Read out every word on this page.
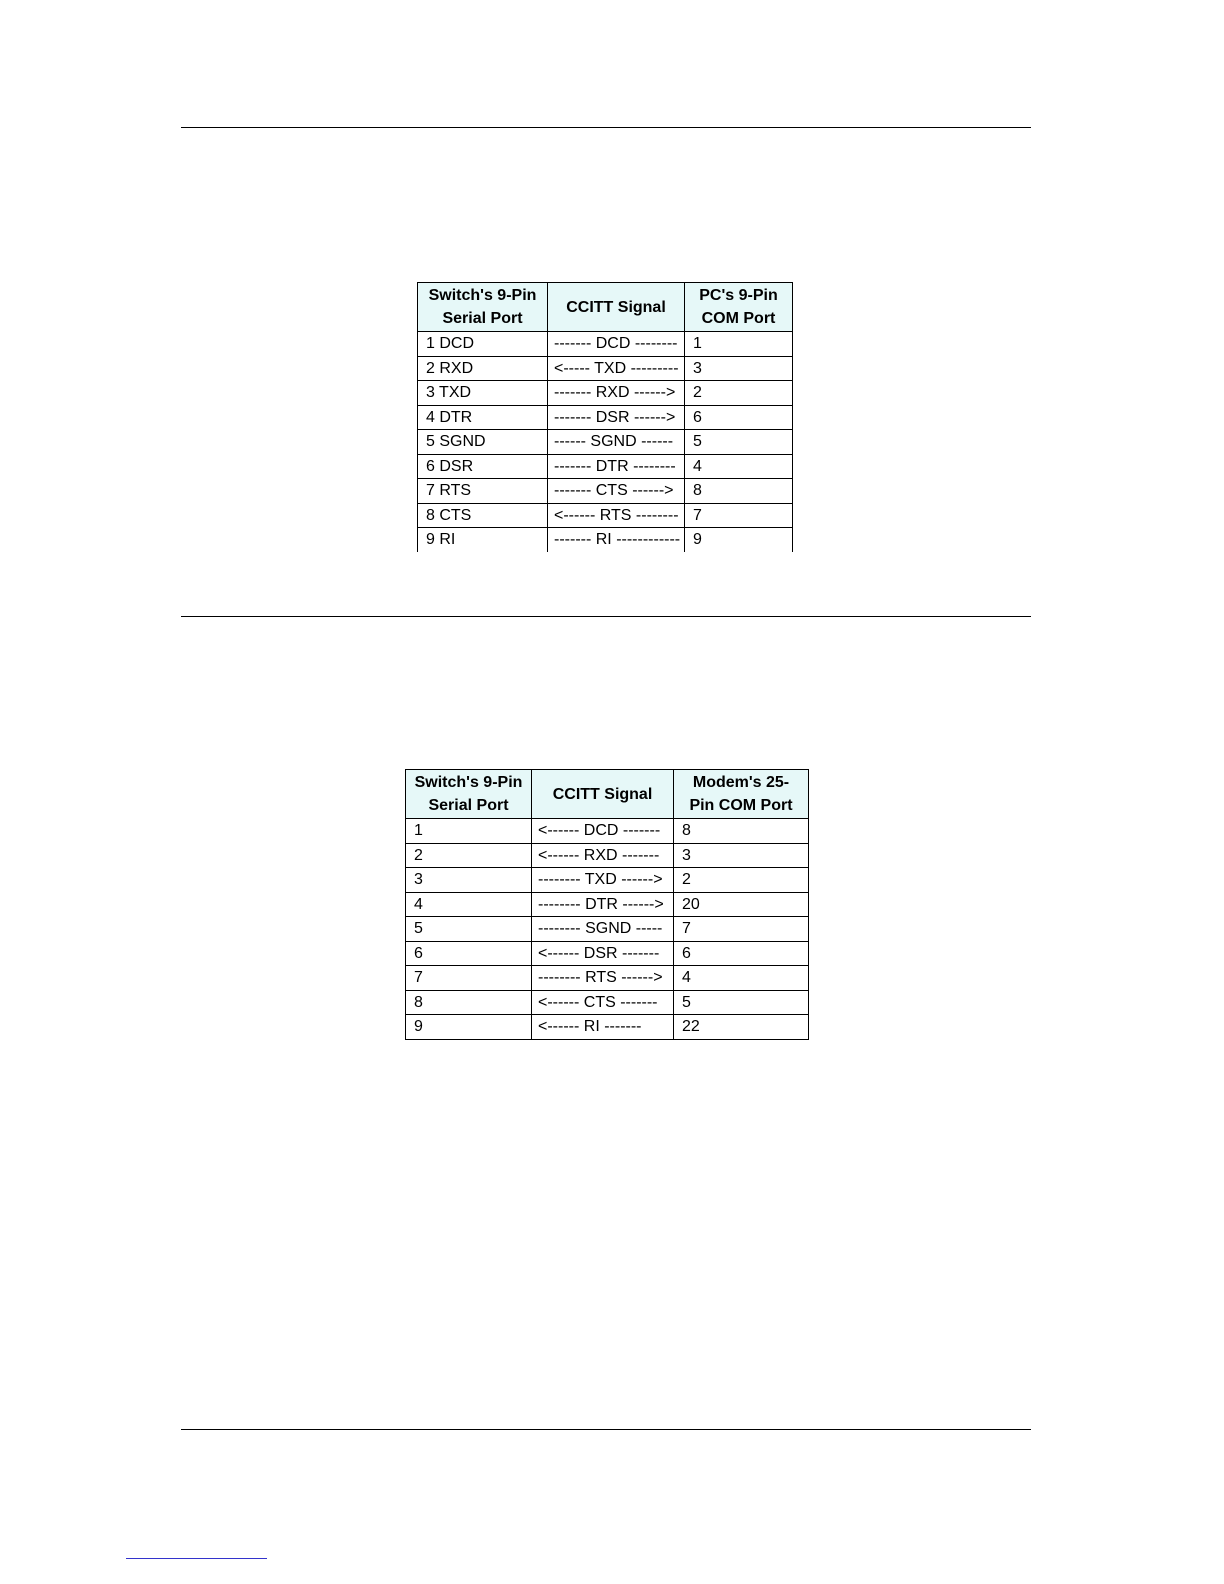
Switch's 9-Pin Serial Port	CCITT Signal	PC's 9-Pin COM Port
1 DCD	------- DCD --------	1
2 RXD	<----- TXD ---------	3
3 TXD	------- RXD ------>	2
4 DTR	------- DSR ------>	6
5 SGND	------ SGND ------	5
6 DSR	------- DTR --------	4
7 RTS	------- CTS ------>	8
8 CTS	<------ RTS --------	7
9 RI	------- RI ------------	9
Switch's 9-Pin Serial Port	CCITT Signal	Modem's 25-Pin COM Port
1	<------ DCD -------	8
2	<------ RXD -------	3
3	-------- TXD ------>	2
4	-------- DTR ------>	20
5	-------- SGND -----	7
6	<------ DSR -------	6
7	-------- RTS ------>	4
8	<------ CTS -------	5
9	<------ RI -------	22
